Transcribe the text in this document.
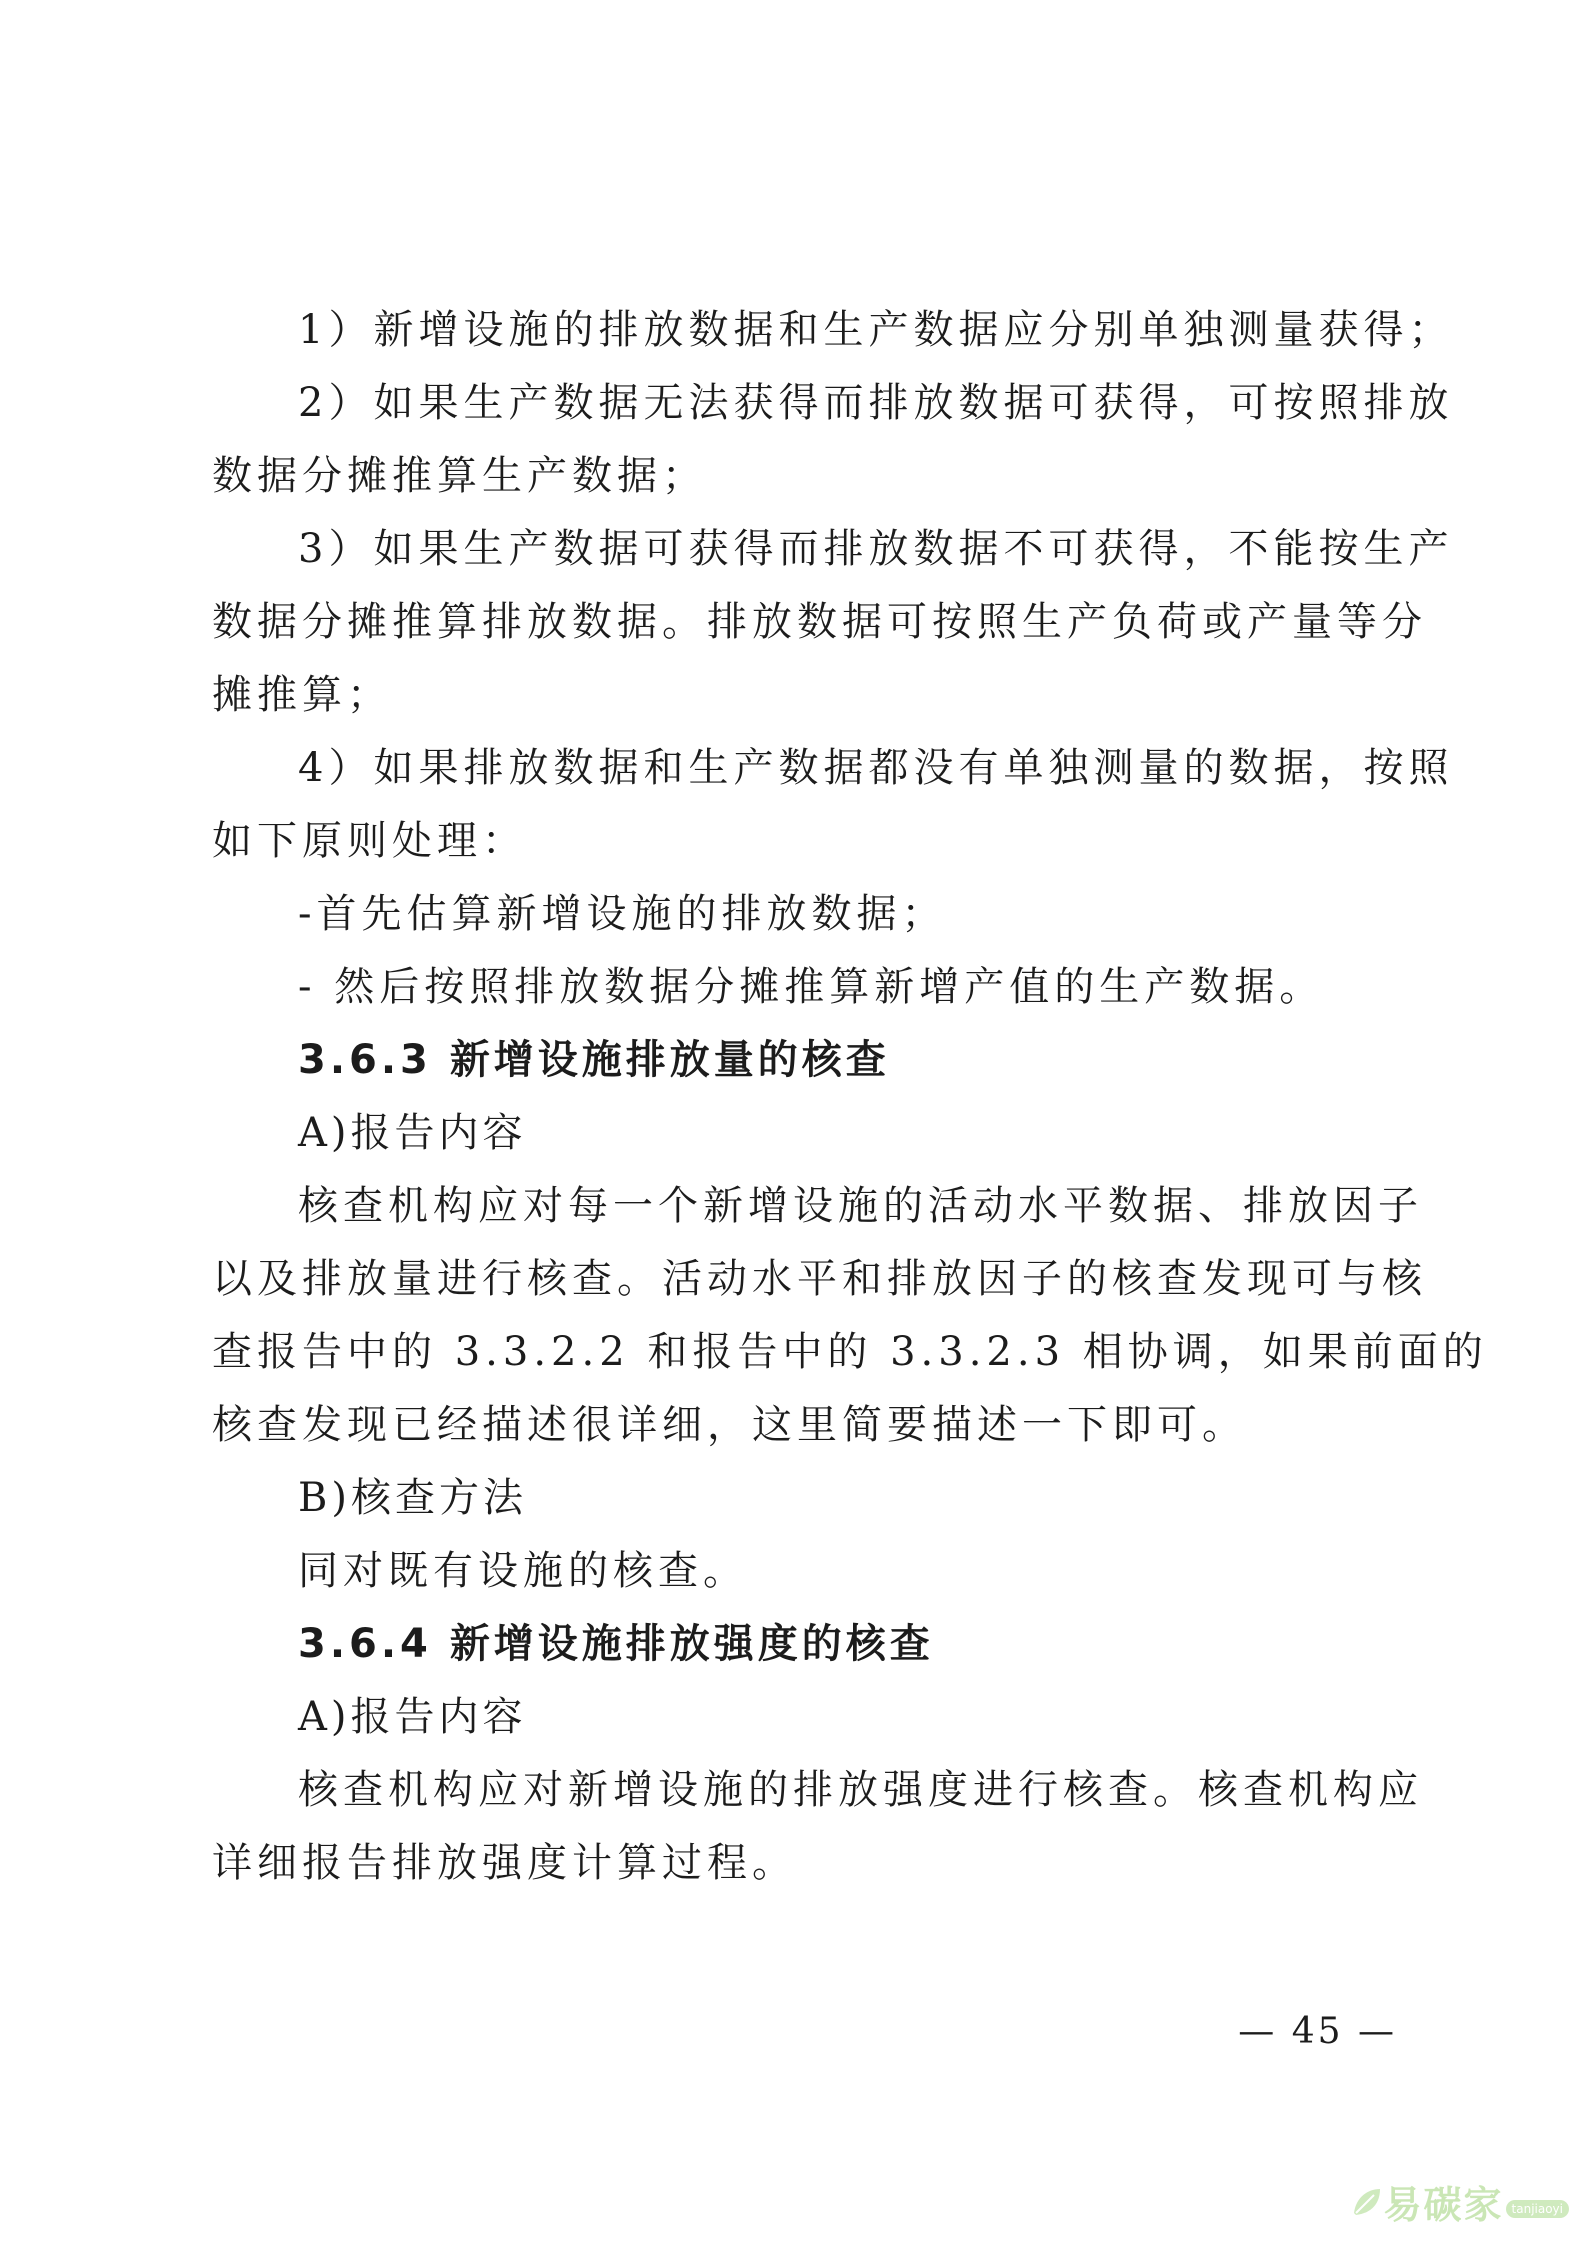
1）新增设施的排放数据和生产数据应分别单独测量获得；
2）如果生产数据无法获得而排放数据可获得，可按照排放
数据分摊推算生产数据；
3）如果生产数据可获得而排放数据不可获得，不能按生产
数据分摊推算排放数据。排放数据可按照生产负荷或产量等分
摊推算；
4）如果排放数据和生产数据都没有单独测量的数据，按照
如下原则处理：
-首先估算新增设施的排放数据；
- 然后按照排放数据分摊推算新增产值的生产数据。
3.6.3 新增设施排放量的核查
A)报告内容
核查机构应对每一个新增设施的活动水平数据、排放因子
以及排放量进行核查。活动水平和排放因子的核查发现可与核
查报告中的 3.3.2.2 和报告中的 3.3.2.3 相协调，如果前面的
核查发现已经描述很详细，这里简要描述一下即可。
B)核查方法
同对既有设施的核查。
3.6.4 新增设施排放强度的核查
A)报告内容
核查机构应对新增设施的排放强度进行核查。核查机构应
详细报告排放强度计算过程。
— 45 —
易碳家 tanjiaoyi
